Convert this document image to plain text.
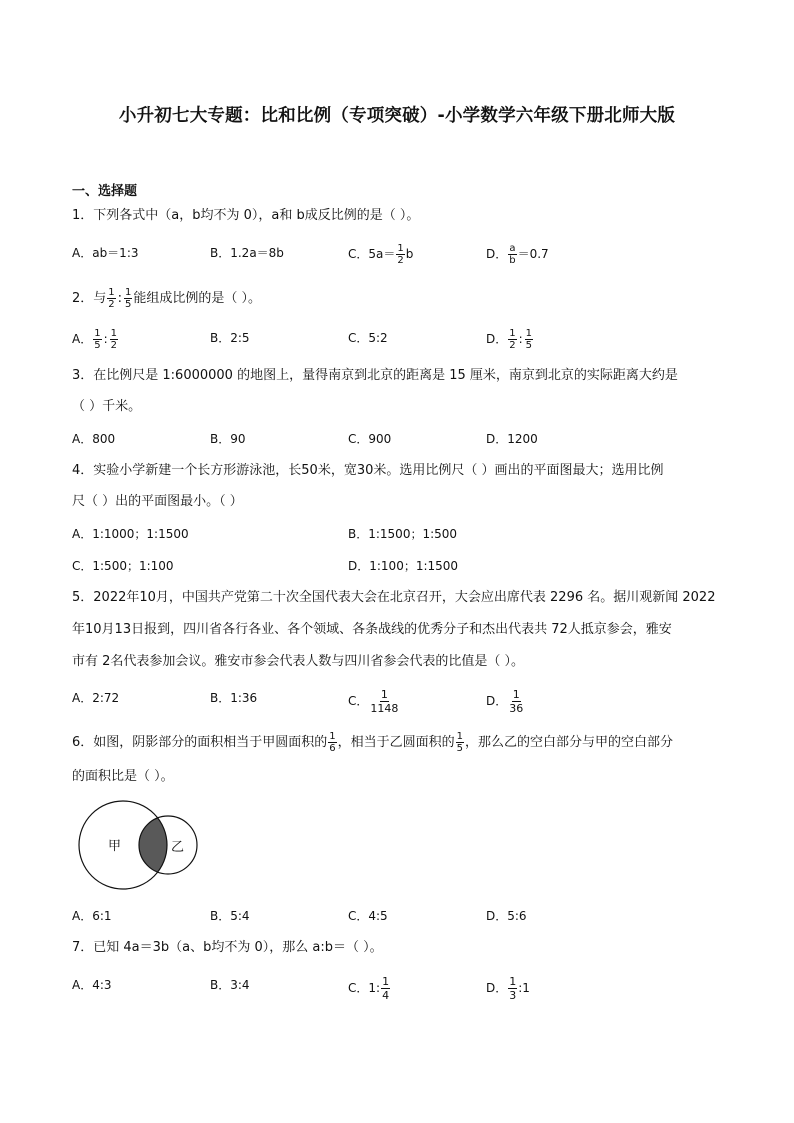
小升初七大专题：比和比例（专项突破）-小学数学六年级下册北师大版
一、选择题
1．下列各式中（a，b均不为 0），a和 b成反比例的是（ ）。
A．ab＝1:3	B．1.2a＝8b	C．$5a= \frac{1}{2}$ b	D． $\frac{a}{b} =0.7$
2．与 $\frac{1}{2}$ : $\frac{1}{5}$ 能组成比例的是（ ）。
A． $\frac{1}{5}$ : $\frac{1}{2}$	B．2:5	C．5:2	D． $\frac{1}{2}$ : $\frac{1}{5}$
3．在比例尺是 1:6000000 的地图上，量得南京到北京的距离是 15 厘米，南京到北京的实际距离大约是
（ ）千米。
A．800	B．90	C．900	D．1200
4．实验小学新建一个长方形游泳池，长50米，宽30米。选用比例尺（ ）画出的平面图最大；选用比例
尺（ ）出的平面图最小。（ ）
A．1:1000；1:1500	B．1:1500；1:500
C．1:500；1:100	D．1:100；1:1500
5．2022年10月，中国共产党第二十次全国代表大会在北京召开，大会应出席代表 2296 名。据川观新闻 2022
年10月13日报到，四川省各行各业、各个领域、各条战线的优秀分子和杰出代表共 72人抵京参会，雅安
市有 2名代表参加会议。雅安市参会代表人数与四川省参会代表的比值是（ ）。
A．2:72	B．1:36	C． $\frac{1}{1148}$	D． $\frac{1}{36}$
6．如图，阴影部分的面积相当于甲圆面积的 $\frac{1}{6}$ ，相当于乙圆面积的 $\frac{1}{5}$ ，那么乙的空白部分与甲的空白部分
的面积比是（ ）。
甲	乙
A．6:1	B．5:4	C．4:5	D．5:6
7．已知 4a＝3b（a、b均不为 0），那么 a:b＝（ ）。
A．4:3	B．3:4	C．1: $\frac{1}{4}$	D． $\frac{1}{3}$ :1
